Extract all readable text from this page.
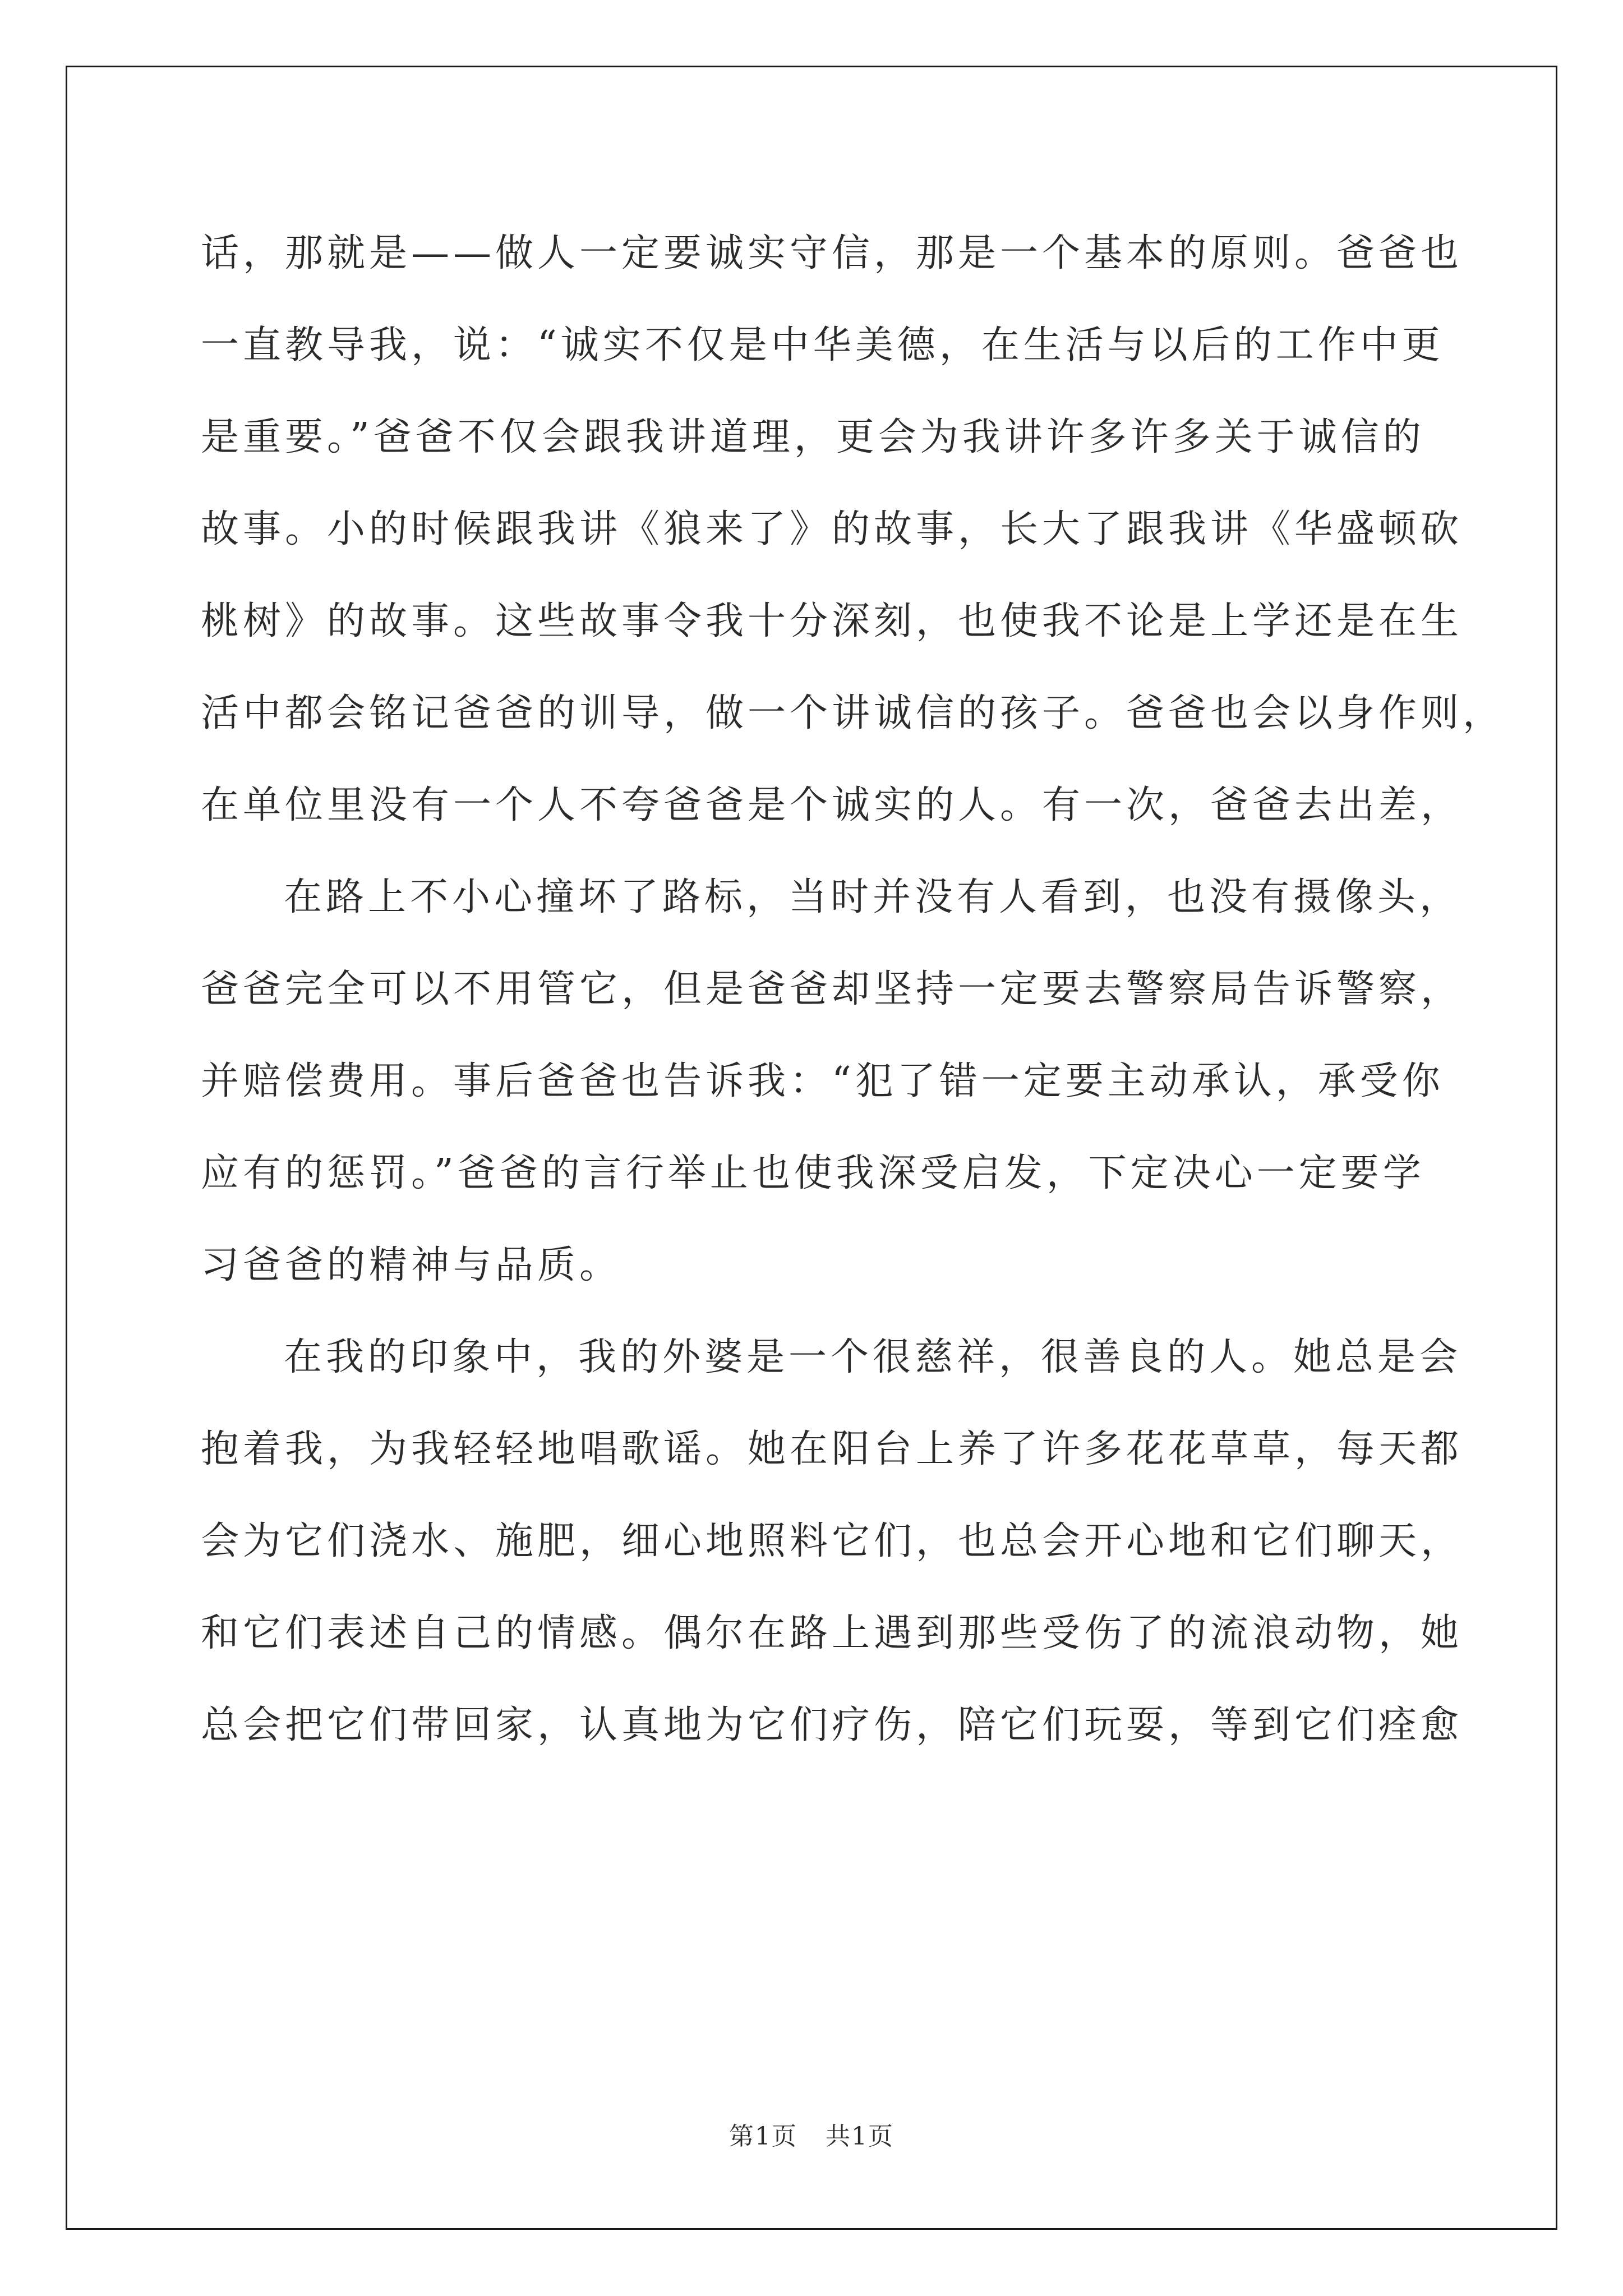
话，那就是——做人一定要诚实守信，那是一个基本的原则。爸爸也
一直教导我，说：“诚实不仅是中华美德，在生活与以后的工作中更
是重要。”爸爸不仅会跟我讲道理，更会为我讲许多许多关于诚信的
故事。小的时候跟我讲《狼来了》的故事，长大了跟我讲《华盛顿砍
桃树》的故事。这些故事令我十分深刻，也使我不论是上学还是在生
活中都会铭记爸爸的训导，做一个讲诚信的孩子。爸爸也会以身作则，
在单位里没有一个人不夸爸爸是个诚实的人。有一次，爸爸去出差，
在路上不小心撞坏了路标，当时并没有人看到，也没有摄像头，
爸爸完全可以不用管它，但是爸爸却坚持一定要去警察局告诉警察，
并赔偿费用。事后爸爸也告诉我：“犯了错一定要主动承认，承受你
应有的惩罚。”爸爸的言行举止也使我深受启发，下定决心一定要学
习爸爸的精神与品质。
在我的印象中，我的外婆是一个很慈祥，很善良的人。她总是会
抱着我，为我轻轻地唱歌谣。她在阳台上养了许多花花草草，每天都
会为它们浇水、施肥，细心地照料它们，也总会开心地和它们聊天，
和它们表述自己的情感。偶尔在路上遇到那些受伤了的流浪动物，她
总会把它们带回家，认真地为它们疗伤，陪它们玩耍，等到它们痊愈
第1页 共1页
